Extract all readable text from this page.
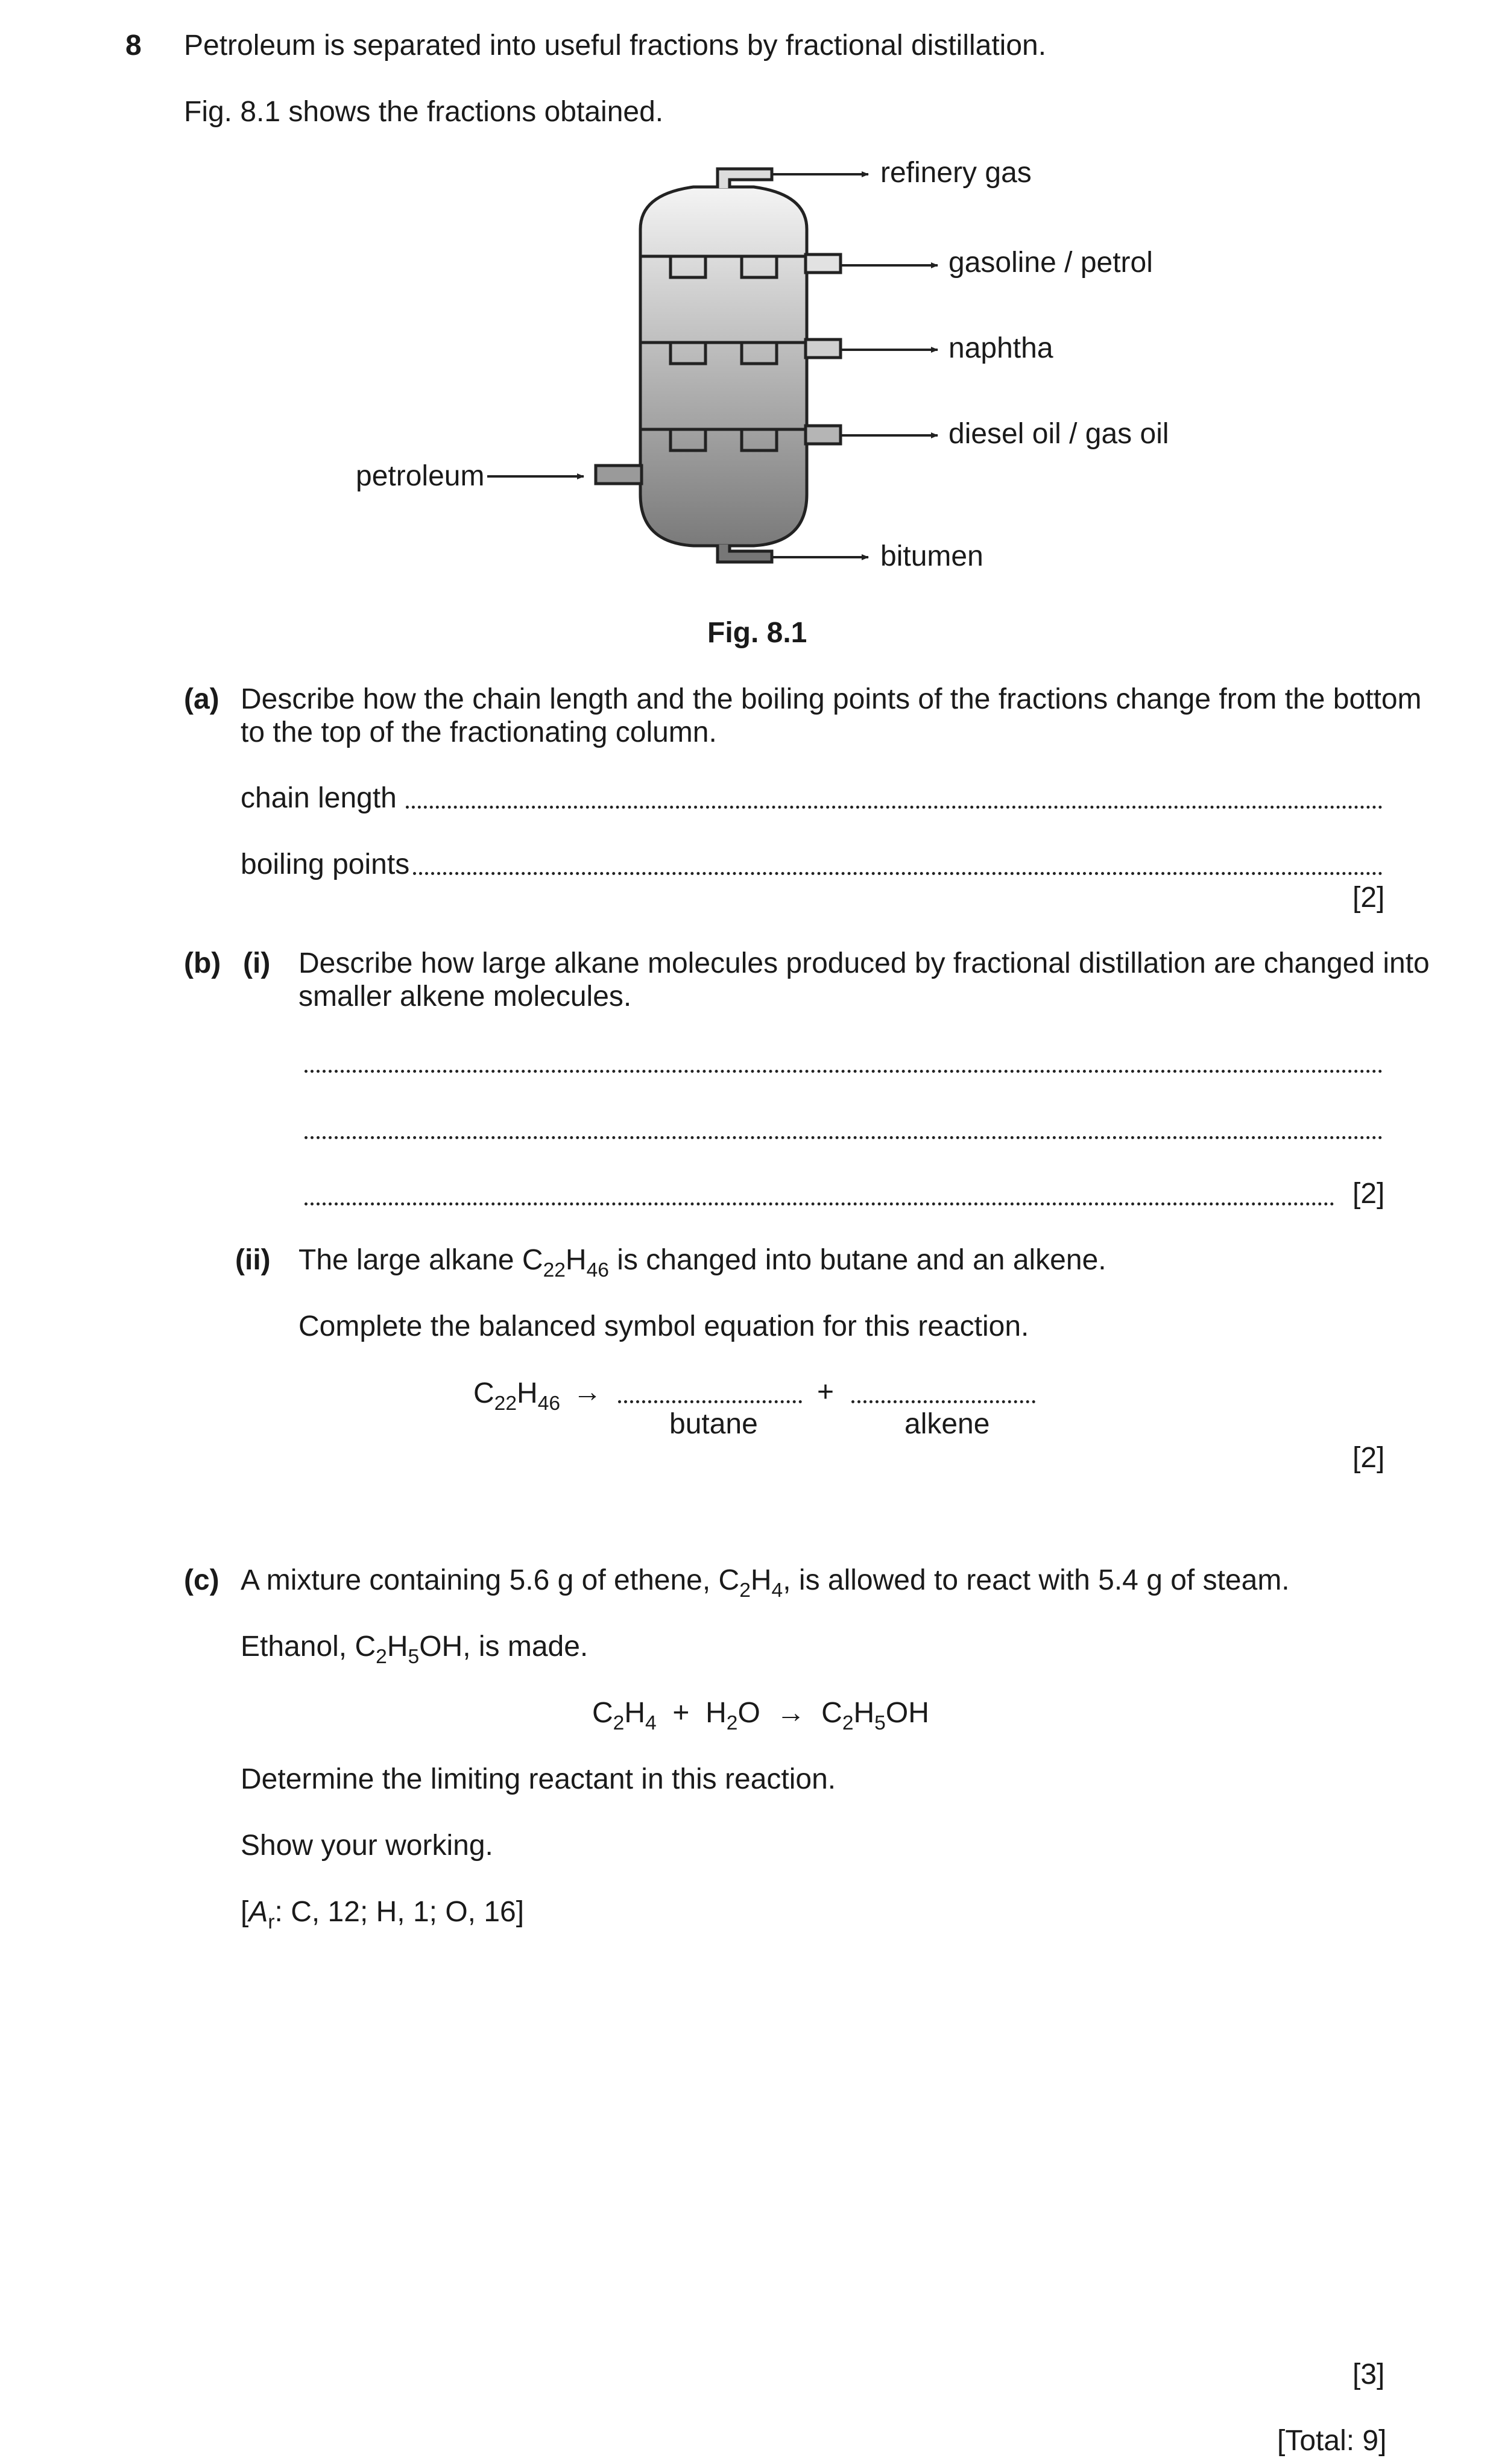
8 Petroleum is separated into useful fractions by fractional distillation.
Fig. 8.1 shows the fractions obtained.
refinery gas
gasoline / petrol
naphtha
diesel oil / gas oil
petroleum
bitumen
Fig. 8.1
(a) Describe how the chain length and the boiling points of the fractions change from the bottom
to the top of the fractionating column.
chain length
boiling points
[2]
(b) (i) Describe how large alkane molecules produced by fractional distillation are changed into
smaller alkene molecules.
[2]
(ii) The large alkane $C_{22}H_{46}$ is changed into butane and an alkene.
Complete the balanced symbol equation for this reaction.
$C_{22}H_{46}$ →	+
butane	alkene
[2]
(c) A mixture containing 5.6 g of ethene, $C_2H_4$, is allowed to react with 5.4 g of steam.
Ethanol, $C_2H_5OH$, is made.
$C_2H_4 + H_2O \to C_2H_5OH$
Determine the limiting reactant in this reaction.
Show your working.
[$A_r$: C, 12; H, 1; O, 16]
[3]
[Total: 9]
